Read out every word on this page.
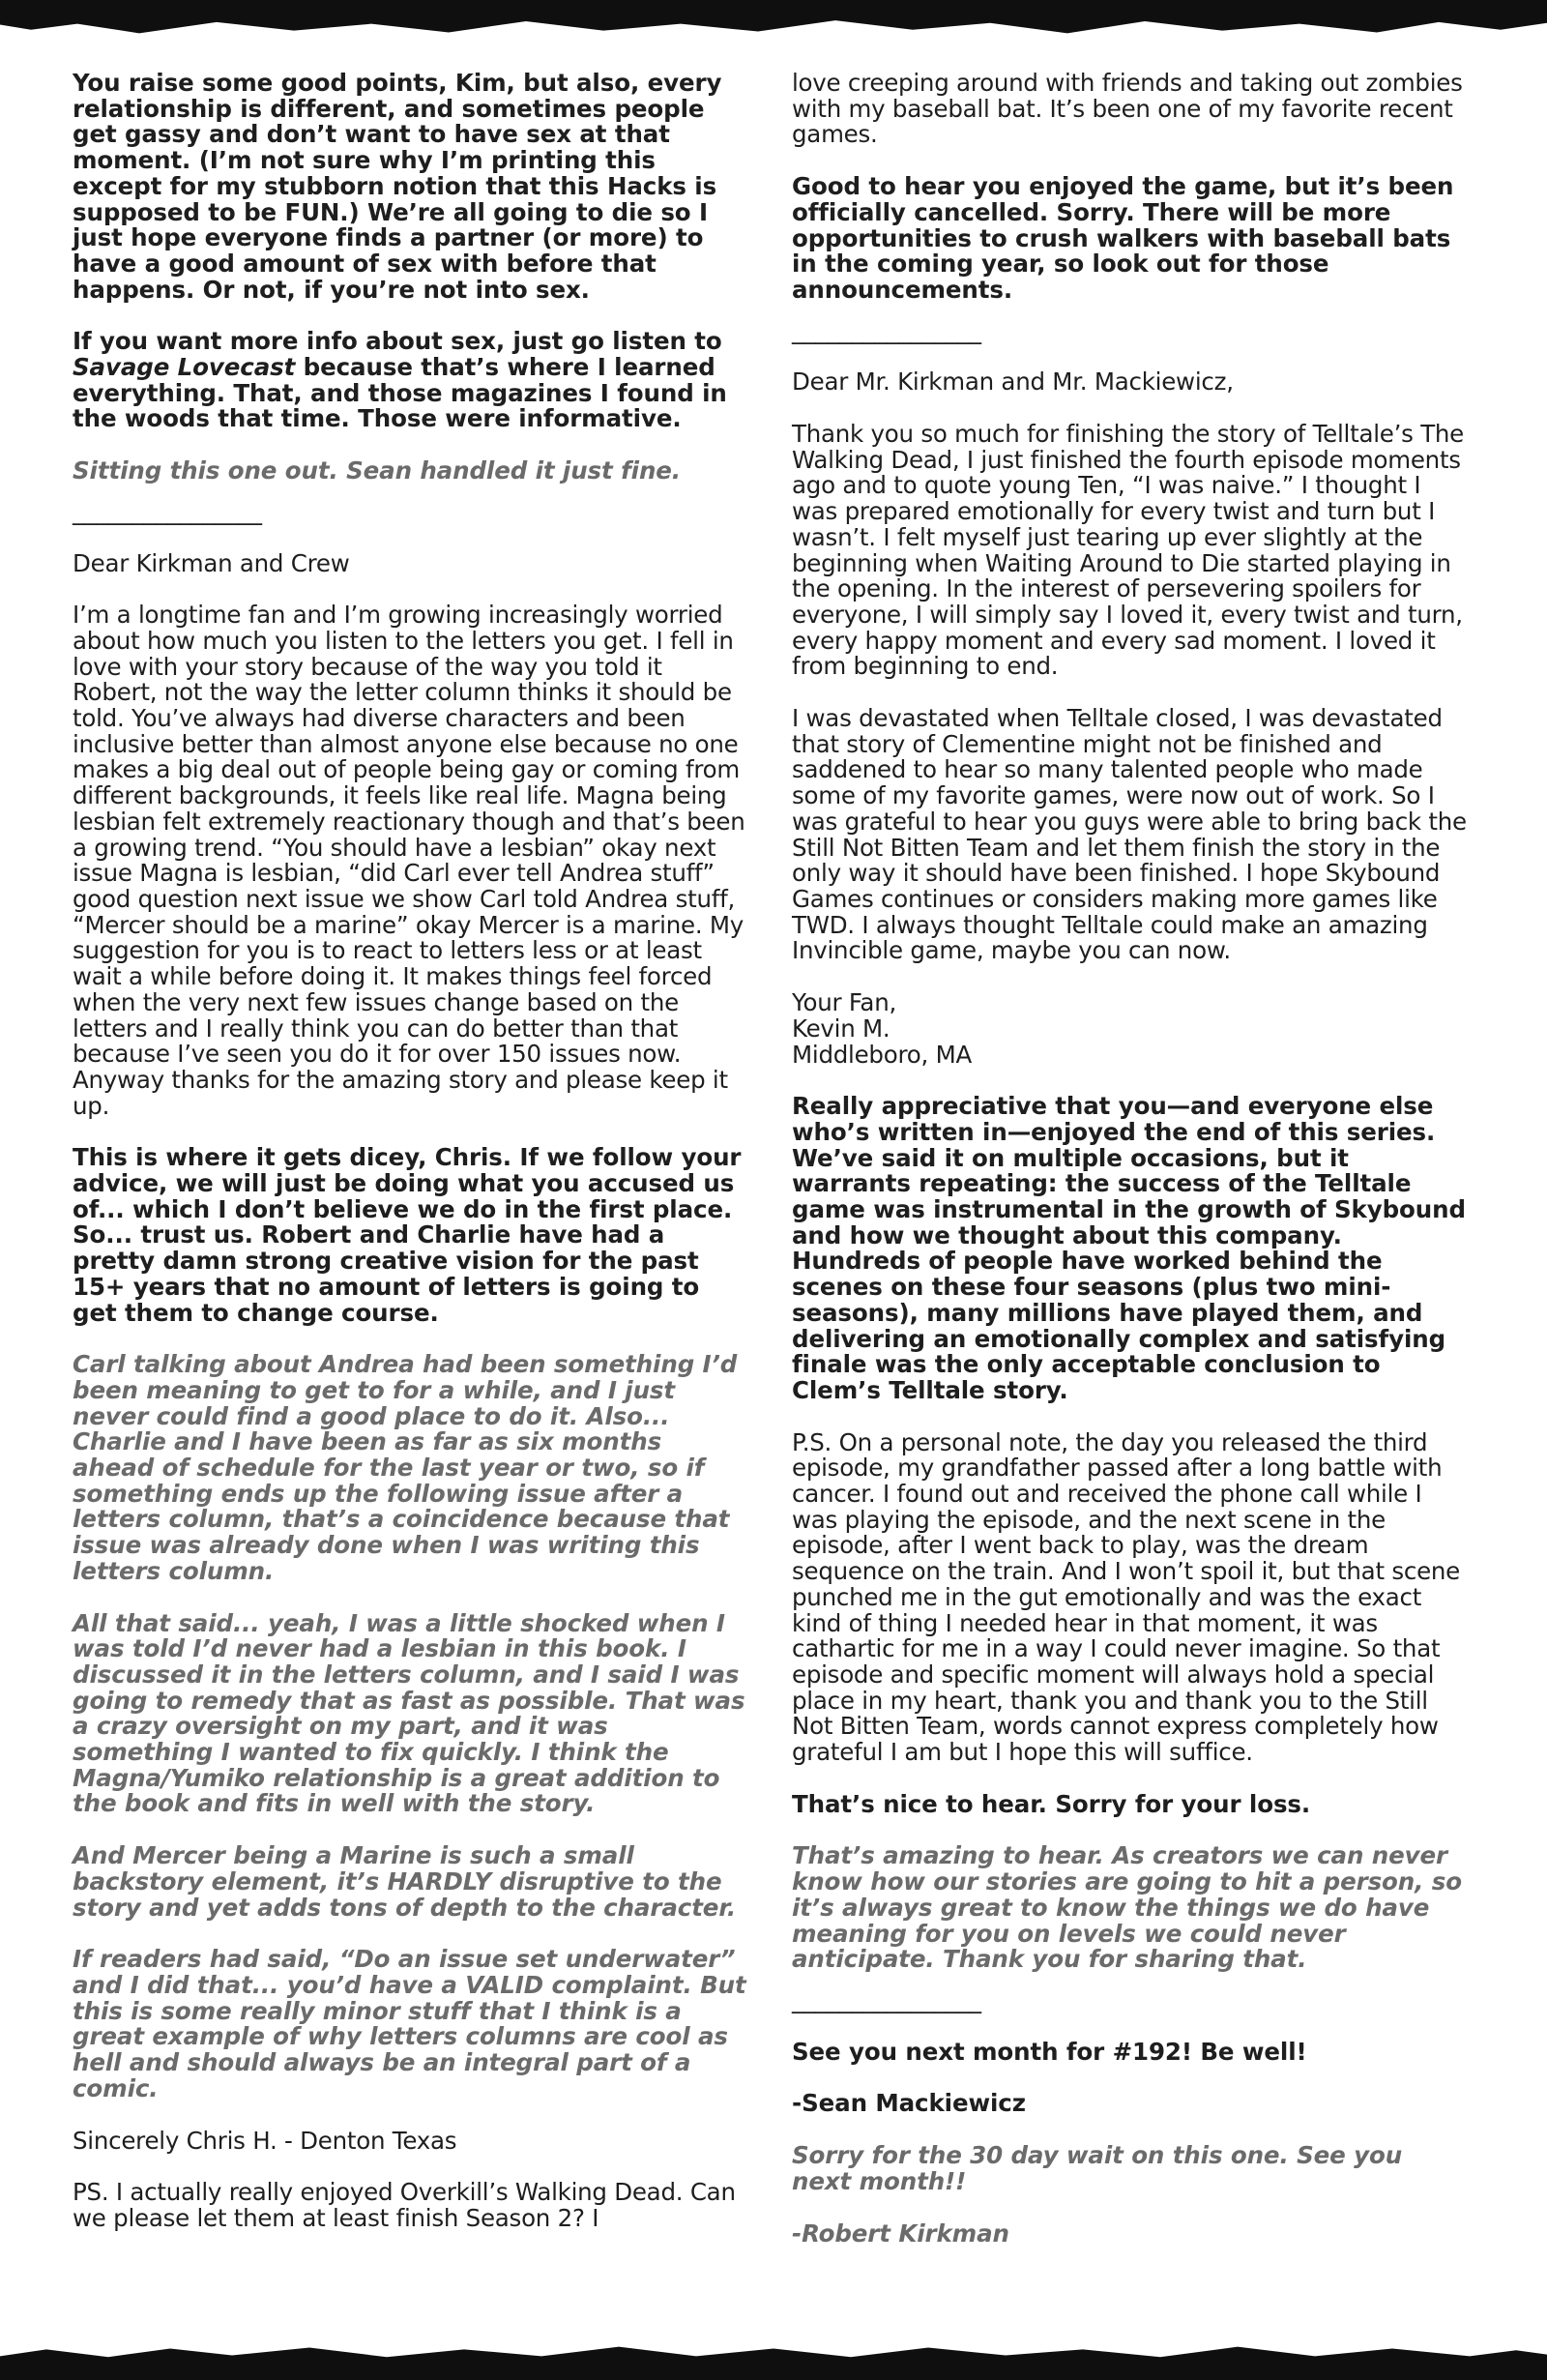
You raise some good points, Kim, but also, every relationship is different, and sometimes people get gassy and don’t want to have sex at that moment. (I’m not sure why I’m printing this except for my stubborn notion that this Hacks is supposed to be FUN.) We’re all going to die so I just hope everyone finds a partner (or more) to have a good amount of sex with before that happens. Or not, if you’re not into sex.

If you want more info about sex, just go listen to Savage Lovecast because that’s where I learned everything. That, and those magazines I found in the woods that time. Those were informative.

Sitting this one out. Sean handled it just fine.

________________

Dear Kirkman and Crew

I’m a longtime fan and I’m growing increasingly worried about how much you listen to the letters you get. I fell in love with your story because of the way you told it Robert, not the way the letter column thinks it should be told. You’ve always had diverse characters and been inclusive better than almost anyone else because no one makes a big deal out of people being gay or coming from different backgrounds, it feels like real life. Magna being lesbian felt extremely reactionary though and that’s been a growing trend. “You should have a lesbian” okay next issue Magna is lesbian, “did Carl ever tell Andrea stuff” good question next issue we show Carl told Andrea stuff, “Mercer should be a marine” okay Mercer is a marine. My suggestion for you is to react to letters less or at least wait a while before doing it. It makes things feel forced when the very next few issues change based on the letters and I really think you can do better than that because I’ve seen you do it for over 150 issues now. Anyway thanks for the amazing story and please keep it up.

This is where it gets dicey, Chris. If we follow your advice, we will just be doing what you accused us of... which I don’t believe we do in the first place. So... trust us. Robert and Charlie have had a pretty damn strong creative vision for the past 15+ years that no amount of letters is going to get them to change course.

Carl talking about Andrea had been something I’d been meaning to get to for a while, and I just never could find a good place to do it. Also... Charlie and I have been as far as six months ahead of schedule for the last year or two, so if something ends up the following issue after a letters column, that’s a coincidence because that issue was already done when I was writing this letters column.

All that said... yeah, I was a little shocked when I was told I’d never had a lesbian in this book. I discussed it in the letters column, and I said I was going to remedy that as fast as possible. That was a crazy oversight on my part, and it was something I wanted to fix quickly. I think the Magna/Yumiko relationship is a great addition to the book and fits in well with the story.

And Mercer being a Marine is such a small backstory element, it’s HARDLY disruptive to the story and yet adds tons of depth to the character.

If readers had said, “Do an issue set underwater” and I did that... you’d have a VALID complaint. But this is some really minor stuff that I think is a great example of why letters columns are cool as hell and should always be an integral part of a comic.

Sincerely Chris H. - Denton Texas

PS. I actually really enjoyed Overkill’s Walking Dead. Can we please let them at least finish Season 2? I

love creeping around with friends and taking out zombies with my baseball bat. It’s been one of my favorite recent games.

Good to hear you enjoyed the game, but it’s been officially cancelled. Sorry. There will be more opportunities to crush walkers with baseball bats in the coming year, so look out for those announcements.

________________

Dear Mr. Kirkman and Mr. Mackiewicz,

Thank you so much for finishing the story of Telltale’s The Walking Dead, I just finished the fourth episode moments ago and to quote young Ten, “I was naive.” I thought I was prepared emotionally for every twist and turn but I wasn’t. I felt myself just tearing up ever slightly at the beginning when Waiting Around to Die started playing in the opening. In the interest of persevering spoilers for everyone, I will simply say I loved it, every twist and turn, every happy moment and every sad moment. I loved it from beginning to end.

I was devastated when Telltale closed, I was devastated that story of Clementine might not be finished and saddened to hear so many talented people who made some of my favorite games, were now out of work. So I was grateful to hear you guys were able to bring back the Still Not Bitten Team and let them finish the story in the only way it should have been finished. I hope Skybound Games continues or considers making more games like TWD. I always thought Telltale could make an amazing Invincible game, maybe you can now.

Your Fan,
Kevin M.
Middleboro, MA

Really appreciative that you—and everyone else who’s written in—enjoyed the end of this series. We’ve said it on multiple occasions, but it warrants repeating: the success of the Telltale game was instrumental in the growth of Skybound and how we thought about this company. Hundreds of people have worked behind the scenes on these four seasons (plus two mini-seasons), many millions have played them, and delivering an emotionally complex and satisfying finale was the only acceptable conclusion to Clem’s Telltale story.

P.S. On a personal note, the day you released the third episode, my grandfather passed after a long battle with cancer. I found out and received the phone call while I was playing the episode, and the next scene in the episode, after I went back to play, was the dream sequence on the train. And I won’t spoil it, but that scene punched me in the gut emotionally and was the exact kind of thing I needed hear in that moment, it was cathartic for me in a way I could never imagine. So that episode and specific moment will always hold a special place in my heart, thank you and thank you to the Still Not Bitten Team, words cannot express completely how grateful I am but I hope this will suffice.

That’s nice to hear. Sorry for your loss.

That’s amazing to hear. As creators we can never know how our stories are going to hit a person, so it’s always great to know the things we do have meaning for you on levels we could never anticipate. Thank you for sharing that.

________________

See you next month for #192! Be well!

-Sean Mackiewicz

Sorry for the 30 day wait on this one. See you next month!!

-Robert Kirkman
